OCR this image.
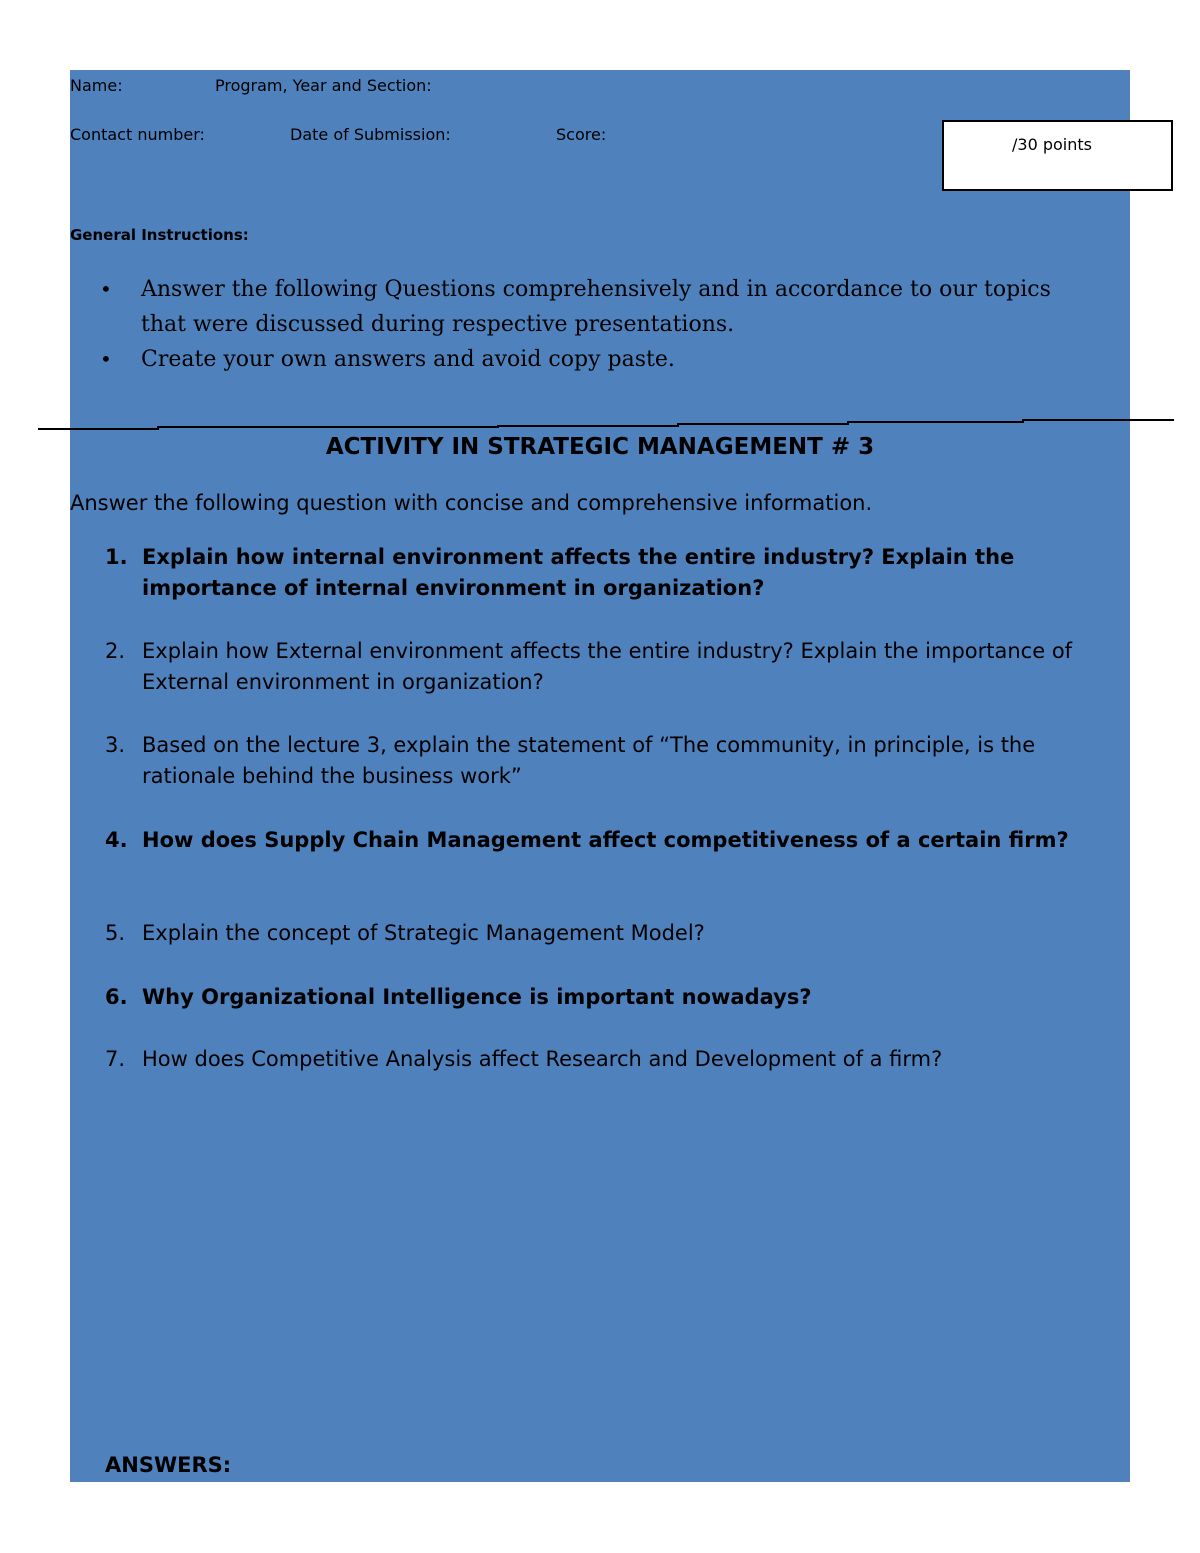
Name:	Program, Year and Section:
Contact number:	Date of Submission:	Score:
/30 points
General Instructions:
• Answer the following Questions comprehensively and in accordance to our topics that were discussed during respective presentations.
• Create your own answers and avoid copy paste.
ACTIVITY IN STRATEGIC MANAGEMENT # 3
Answer the following question with concise and comprehensive information.
1. Explain how internal environment affects the entire industry? Explain the importance of internal environment in organization?
2. Explain how External environment affects the entire industry? Explain the importance of External environment in organization?
3. Based on the lecture 3, explain the statement of “The community, in principle, is the rationale behind the business work”
4. How does Supply Chain Management affect competitiveness of a certain firm?
5. Explain the concept of Strategic Management Model?
6. Why Organizational Intelligence is important nowadays?
7. How does Competitive Analysis affect Research and Development of a firm?
ANSWERS:
